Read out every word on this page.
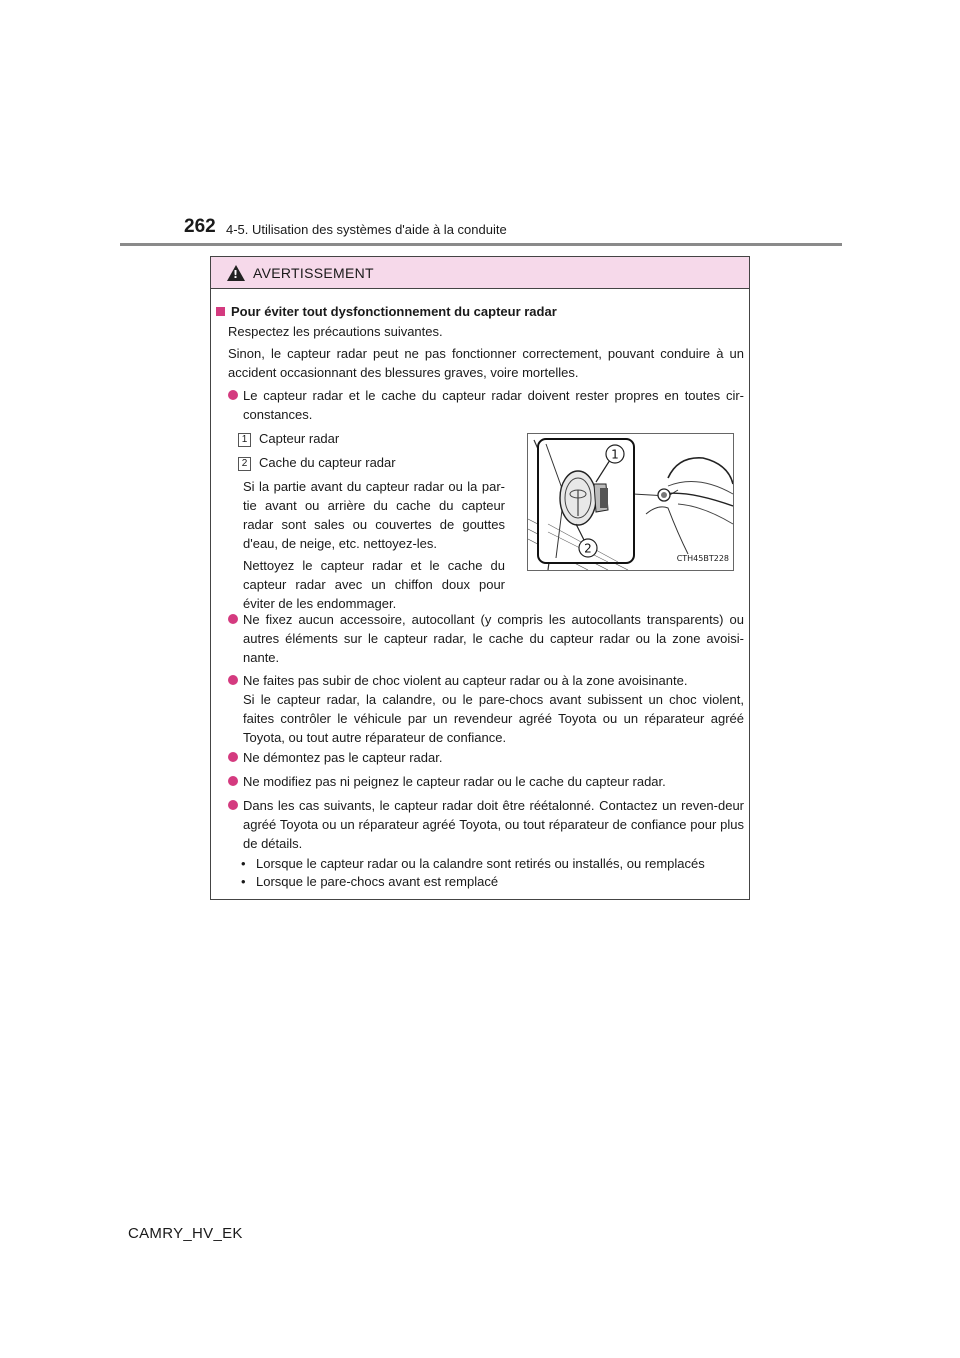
262 4-5. Utilisation des systèmes d'aide à la conduite
! AVERTISSEMENT
Pour éviter tout dysfonctionnement du capteur radar
Respectez les précautions suivantes.
Sinon, le capteur radar peut ne pas fonctionner correctement, pouvant conduire à un accident occasionnant des blessures graves, voire mortelles.
Le capteur radar et le cache du capteur radar doivent rester propres en toutes cir-constances.
1 Capteur radar
2 Cache du capteur radar
Si la partie avant du capteur radar ou la par-tie avant ou arrière du cache du capteur radar sont sales ou couvertes de gouttes d'eau, de neige, etc. nettoyez-les.
Nettoyez le capteur radar et le cache du capteur radar avec un chiffon doux pour éviter de les endommager.
1
2
CTH45BT228
Ne fixez aucun accessoire, autocollant (y compris les autocollants transparents) ou autres éléments sur le capteur radar, le cache du capteur radar ou la zone avoisi-nante.
Ne faites pas subir de choc violent au capteur radar ou à la zone avoisinante.
Si le capteur radar, la calandre, ou le pare-chocs avant subissent un choc violent, faites contrôler le véhicule par un revendeur agréé Toyota ou un réparateur agréé Toyota, ou tout autre réparateur de confiance.
Ne démontez pas le capteur radar.
Ne modifiez pas ni peignez le capteur radar ou le cache du capteur radar.
Dans les cas suivants, le capteur radar doit être réétalonné. Contactez un reven-deur agréé Toyota ou un réparateur agréé Toyota, ou tout réparateur de confiance pour plus de détails.
• Lorsque le capteur radar ou la calandre sont retirés ou installés, ou remplacés
• Lorsque le pare-chocs avant est remplacé
CAMRY_HV_EK
